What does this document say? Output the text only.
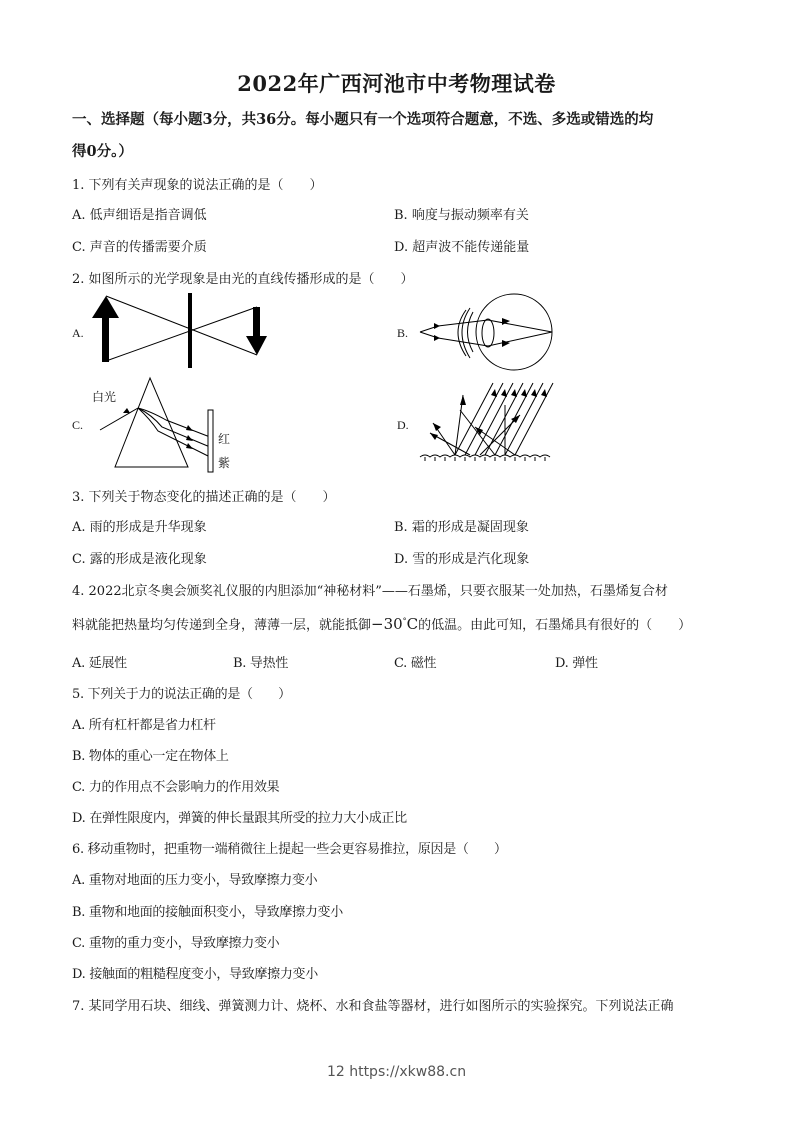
2022年广西河池市中考物理试卷
一、选择题（每小题3分，共36分。每小题只有一个选项符合题意，不选、多选或错选的均
得0分。）
1. 下列有关声现象的说法正确的是（　　）
A. 低声细语是指音调低	B. 响度与振动频率有关
C. 声音的传播需要介质	D. 超声波不能传递能量
2. 如图所示的光学现象是由光的直线传播形成的是（　　）
A.	B.
C.
白光
红
紫
D.
3. 下列关于物态变化的描述正确的是（　　）
A. 雨的形成是升华现象	B. 霜的形成是凝固现象
C. 露的形成是液化现象	D. 雪的形成是汽化现象
4. 2022北京冬奥会颁奖礼仪服的内胆添加“神秘材料”——石墨烯，只要衣服某一处加热，石墨烯复合材
料就能把热量均匀传递到全身，薄薄一层，就能抵御−30°C的低温。由此可知，石墨烯具有很好的（　　）
A. 延展性	B. 导热性	C. 磁性	D. 弹性
5. 下列关于力的说法正确的是（　　）
A. 所有杠杆都是省力杠杆
B. 物体的重心一定在物体上
C. 力的作用点不会影响力的作用效果
D. 在弹性限度内，弹簧的伸长量跟其所受的拉力大小成正比
6. 移动重物时，把重物一端稍微往上提起一些会更容易推拉，原因是（　　）
A. 重物对地面的压力变小，导致摩擦力变小
B. 重物和地面的接触面积变小，导致摩擦力变小
C. 重物的重力变小，导致摩擦力变小
D. 接触面的粗糙程度变小，导致摩擦力变小
7. 某同学用石块、细线、弹簧测力计、烧杯、水和食盐等器材，进行如图所示的实验探究。下列说法正确
12 https://xkw88.cn
